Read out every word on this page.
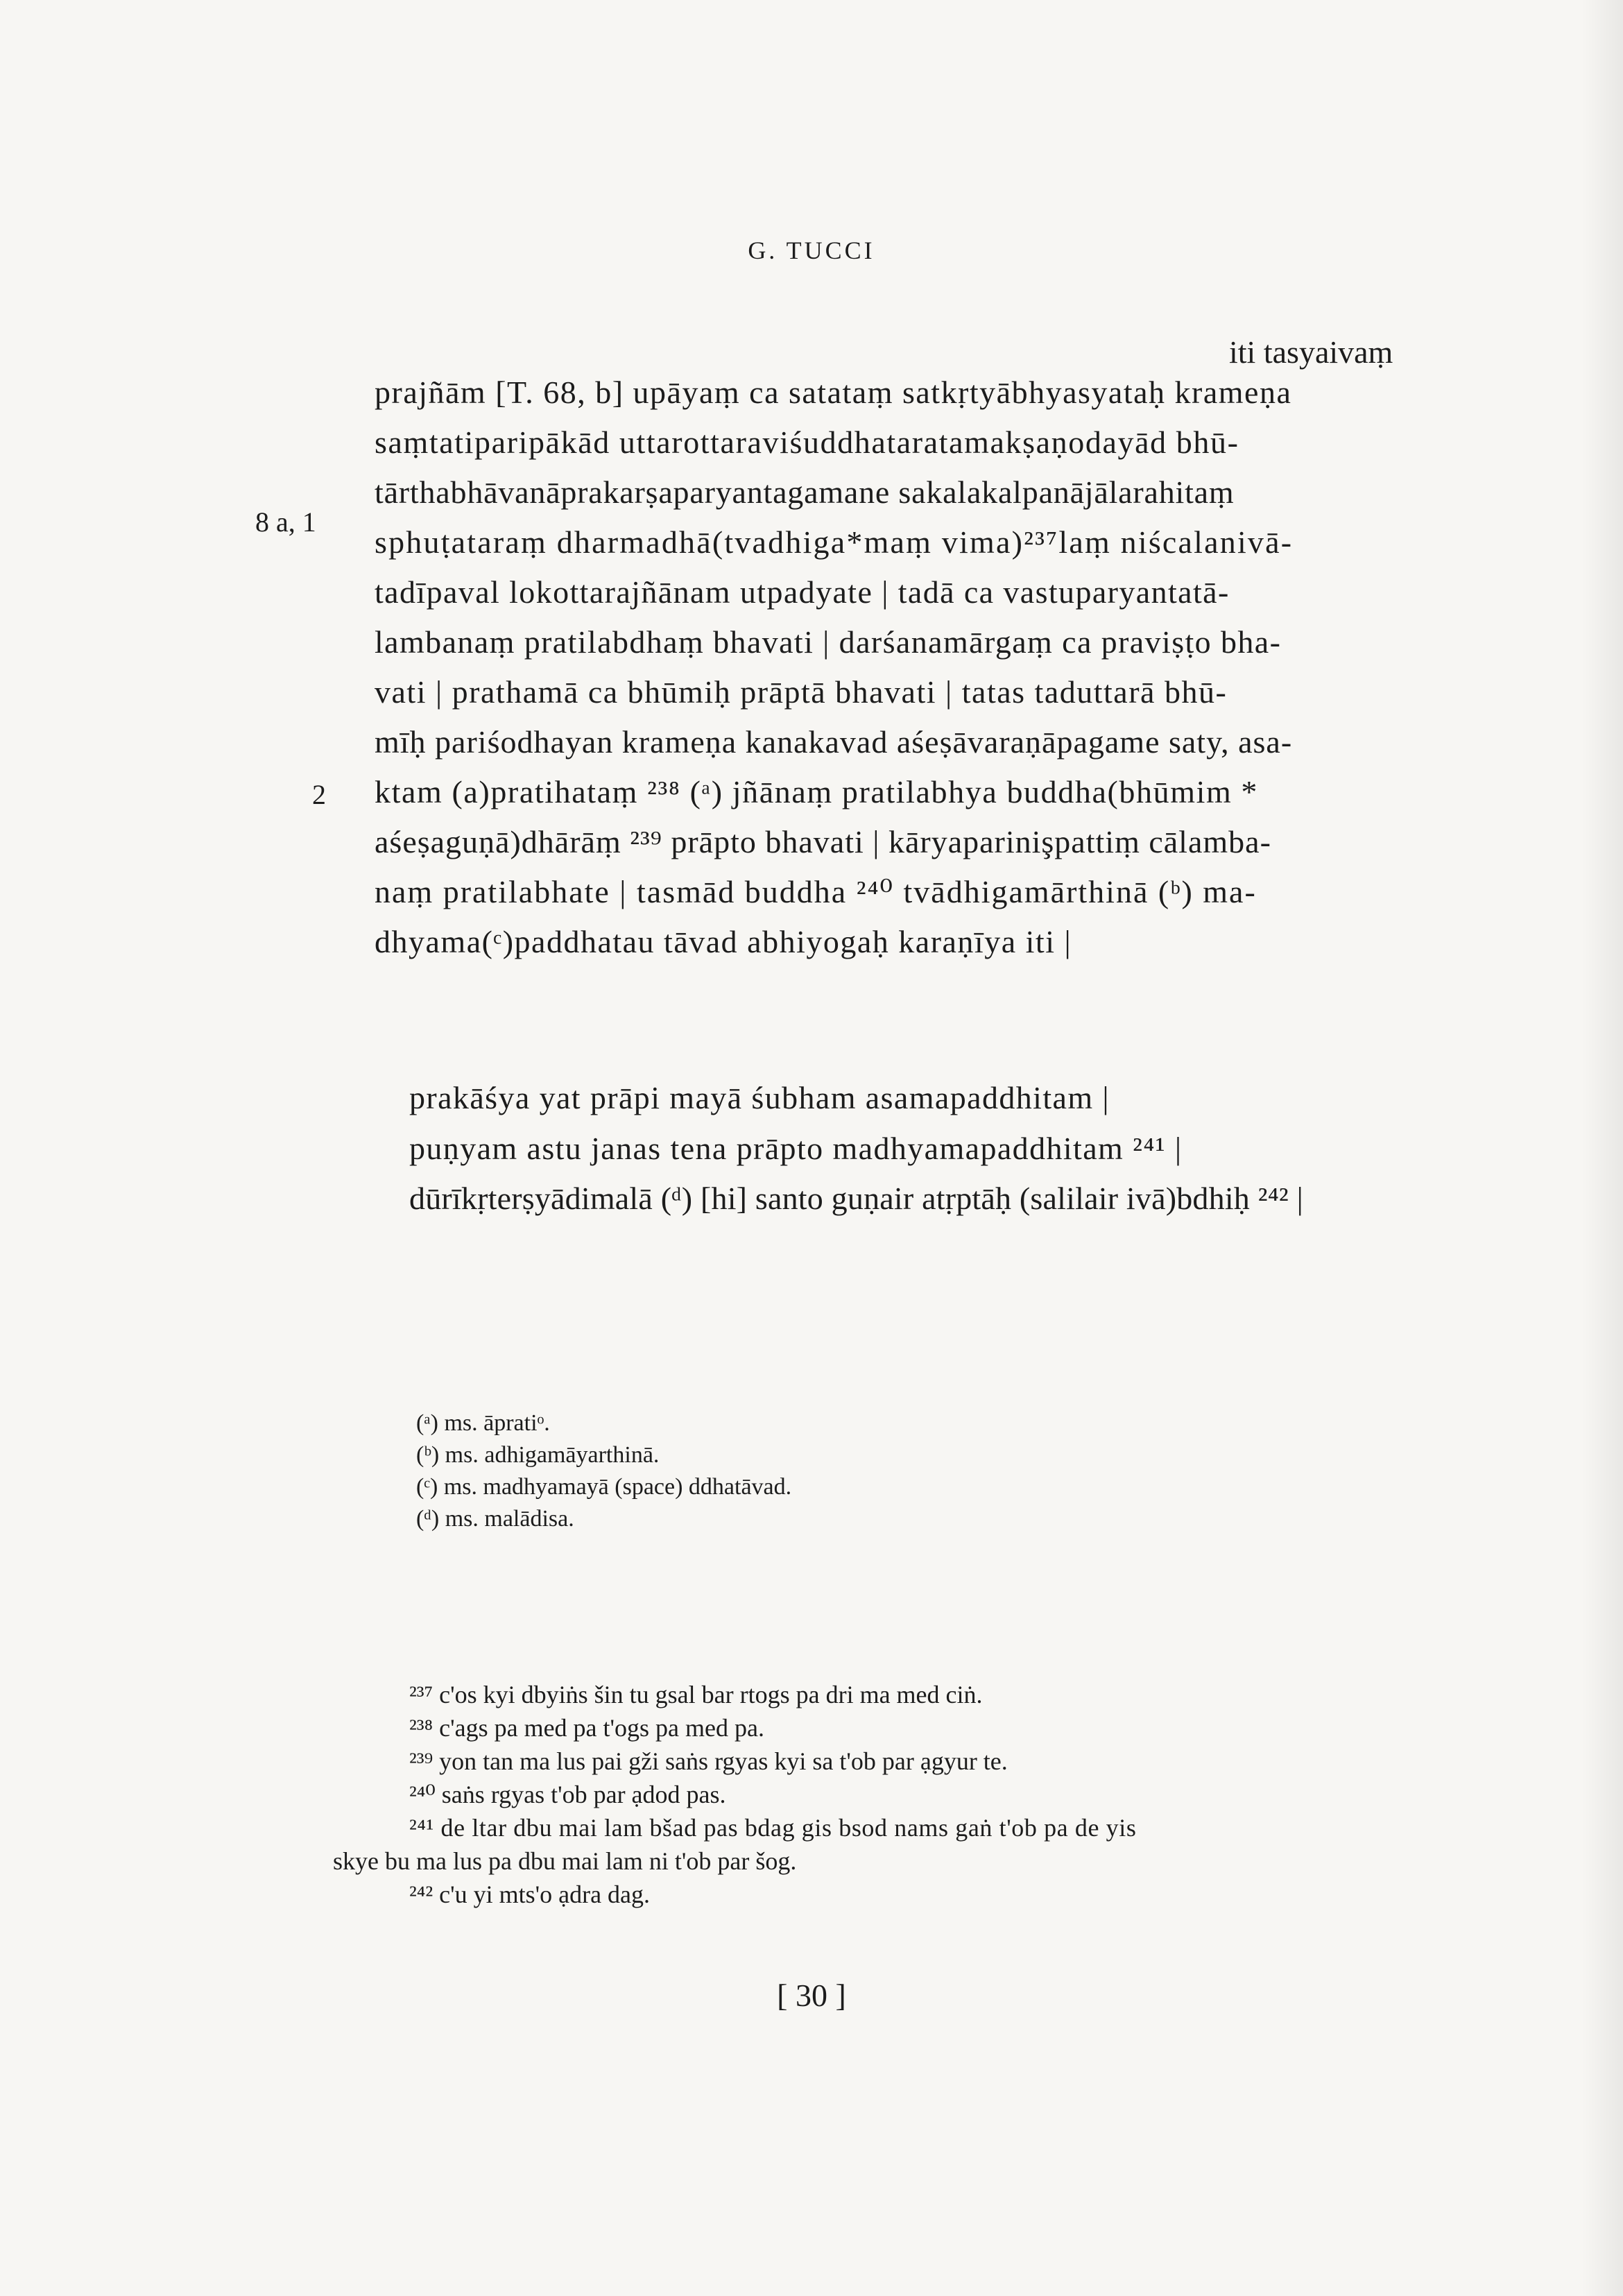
G. TUCCI
8 a, 1
2
iti tasyaivaṃ
prajñām [T. 68, b] upāyaṃ ca satataṃ satkṛtyābhyasyataḥ krameṇa
saṃtatiparipākād uttarottaraviśuddhataratamakṣaṇodayād bhū-
tārthabhāvanāprakarṣaparyantagamane sakalakalpanājālarahitaṃ
sphuṭataraṃ dharmadhā(tvadhiga*maṃ vima)²³⁷laṃ niścalanivā-
tadīpaval lokottarajñānam utpadyate | tadā ca vastuparyantatā-
lambanaṃ pratilabdhaṃ bhavati | darśanamārgaṃ ca praviṣṭo bha-
vati | prathamā ca bhūmiḥ prāptā bhavati | tatas taduttarā bhū-
mīḥ pariśodhayan krameṇa kanakavad aśeṣāvaraṇāpagame saty, asa-
ktam (a)pratihataṃ ²³⁸ (ᵃ) jñānaṃ pratilabhya buddha(bhūmim *
aśeṣaguṇā)dhārāṃ ²³⁹ prāpto bhavati | kāryaparinişpattiṃ cālamba-
naṃ pratilabhate | tasmād buddha ²⁴⁰ tvādhigamārthinā (ᵇ) ma-
dhyama(ᶜ)paddhatau tāvad abhiyogaḥ karaṇīya iti |
prakāśya yat prāpi mayā śubham asamapaddhitam |
puṇyam astu janas tena prāpto madhyamapaddhitam ²⁴¹ |
dūrīkṛterṣyādimalā (ᵈ) [hi] santo guṇair atṛptāḥ (salilair ivā)bdhiḥ ²⁴² |
(ᵃ) ms. āpratiᵒ.
(ᵇ) ms. adhigamāyarthinā.
(ᶜ) ms. madhyamayā (space) ddhatāvad.
(ᵈ) ms. malādisa.
²³⁷ c'os kyi dbyiṅs šin tu gsal bar rtogs pa dri ma med ciṅ.
²³⁸ c'ags pa med pa t'ogs pa med pa.
²³⁹ yon tan ma lus pai gži saṅs rgyas kyi sa t'ob par ạgyur te.
²⁴⁰ saṅs rgyas t'ob par ạdod pas.
²⁴¹ de ltar dbu mai lam bšad pas bdag gis bsod nams gaṅ t'ob pa de yis
skye bu ma lus pa dbu mai lam ni t'ob par šog.
²⁴² c'u yi mts'o ạdra dag.
[ 30 ]
